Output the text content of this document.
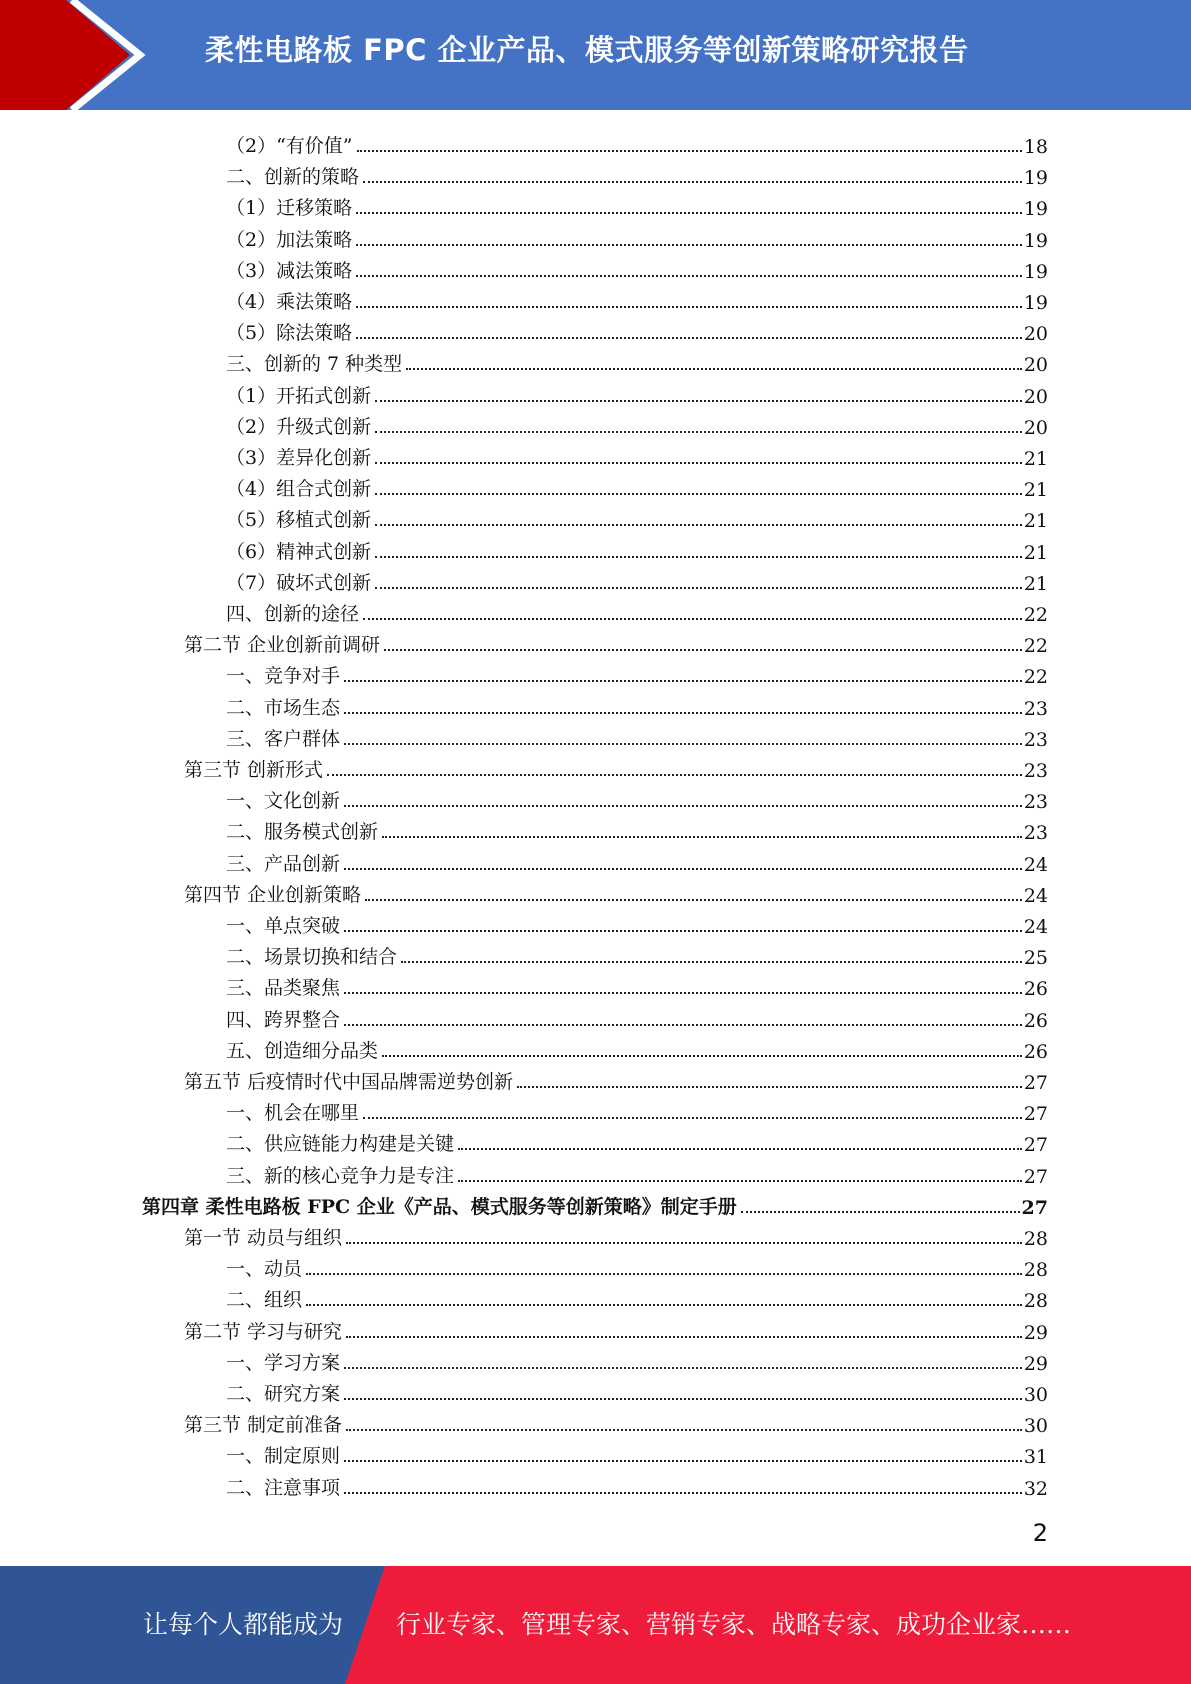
柔性电路板 FPC 企业产品、模式服务等创新策略研究报告
（2）“有价值”	18
二、创新的策略	19
（1）迁移策略	19
（2）加法策略	19
（3）减法策略	19
（4）乘法策略	19
（5）除法策略	20
三、创新的 7 种类型	20
（1）开拓式创新	20
（2）升级式创新	20
（3）差异化创新	21
（4）组合式创新	21
（5）移植式创新	21
（6）精神式创新	21
（7）破坏式创新	21
四、创新的途径	22
第二节 企业创新前调研	22
一、竞争对手	22
二、市场生态	23
三、客户群体	23
第三节 创新形式	23
一、文化创新	23
二、服务模式创新	23
三、产品创新	24
第四节 企业创新策略	24
一、单点突破	24
二、场景切换和结合	25
三、品类聚焦	26
四、跨界整合	26
五、创造细分品类	26
第五节 后疫情时代中国品牌需逆势创新	27
一、机会在哪里	27
二、供应链能力构建是关键	27
三、新的核心竞争力是专注	27
第四章 柔性电路板 FPC 企业《产品、模式服务等创新策略》制定手册	27
第一节 动员与组织	28
一、动员	28
二、组织	28
第二节 学习与研究	29
一、学习方案	29
二、研究方案	30
第三节 制定前准备	30
一、制定原则	31
二、注意事项	32
2
让每个人都能成为 行业专家、管理专家、营销专家、战略专家、成功企业家……
